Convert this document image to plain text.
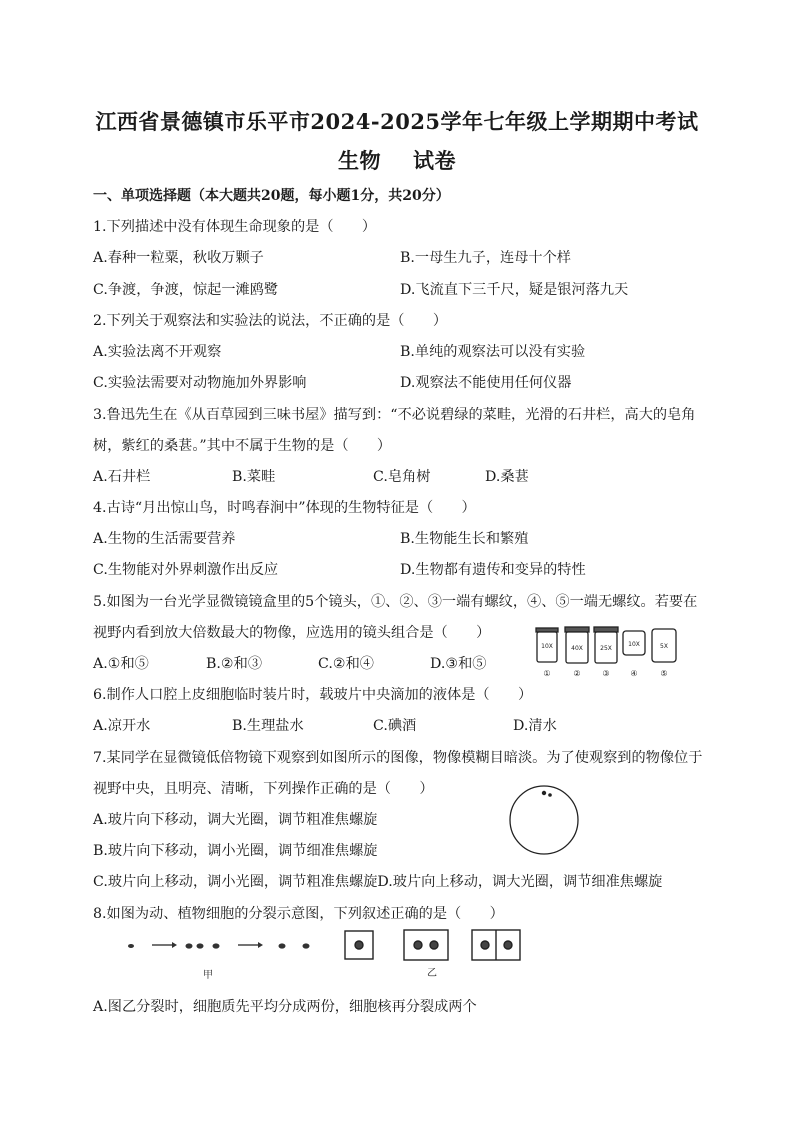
江西省景德镇市乐平市2024-2025学年七年级上学期期中考试
生物 试卷
一、单项选择题（本大题共20题，每小题1分，共20分）
1.下列描述中没有体现生命现象的是（　　）
A.春种一粒粟，秋收万颗子	B.一母生九子，连母十个样
C.争渡，争渡，惊起一滩鸥鹭	D.飞流直下三千尺，疑是银河落九天
2.下列关于观察法和实验法的说法，不正确的是（　　）
A.实验法离不开观察	B.单纯的观察法可以没有实验
C.实验法需要对动物施加外界影响	D.观察法不能使用任何仪器
3.鲁迅先生在《从百草园到三味书屋》描写到：“不必说碧绿的菜畦，光滑的石井栏，高大的皂角
树，紫红的桑葚。”其中不属于生物的是（　　）
A.石井栏	B.菜畦	C.皂角树	D.桑葚
4.古诗“月出惊山鸟，时鸣春涧中”体现的生物特征是（　　）
A.生物的生活需要营养	B.生物能生长和繁殖
C.生物能对外界刺激作出反应	D.生物都有遗传和变异的特性
5.如图为一台光学显微镜镜盒里的5个镜头，①、②、③一端有螺纹，④、⑤一端无螺纹。若要在
视野内看到放大倍数最大的物像，应选用的镜头组合是（　　）
A.①和⑤	B.②和③	C.②和④	D.③和⑤
10X
①
40X
②
25X
③
10X
④
5X
⑤
6.制作人口腔上皮细胞临时装片时，载玻片中央滴加的液体是（　　）
A.凉开水	B.生理盐水	C.碘酒	D.清水
7.某同学在显微镜低倍物镜下观察到如图所示的图像，物像模糊目暗淡。为了使观察到的物像位于
视野中央，且明亮、清晰，下列操作正确的是（　　）
A.玻片向下移动，调大光圈，调节粗准焦螺旋
B.玻片向下移动，调小光圈，调节细准焦螺旋
C.玻片向上移动，调小光圈，调节粗准焦螺旋D.玻片向上移动，调大光圈，调节细准焦螺旋
8.如图为动、植物细胞的分裂示意图，下列叙述正确的是（　　）
甲	乙
A.图乙分裂时，细胞质先平均分成两份，细胞核再分裂成两个
